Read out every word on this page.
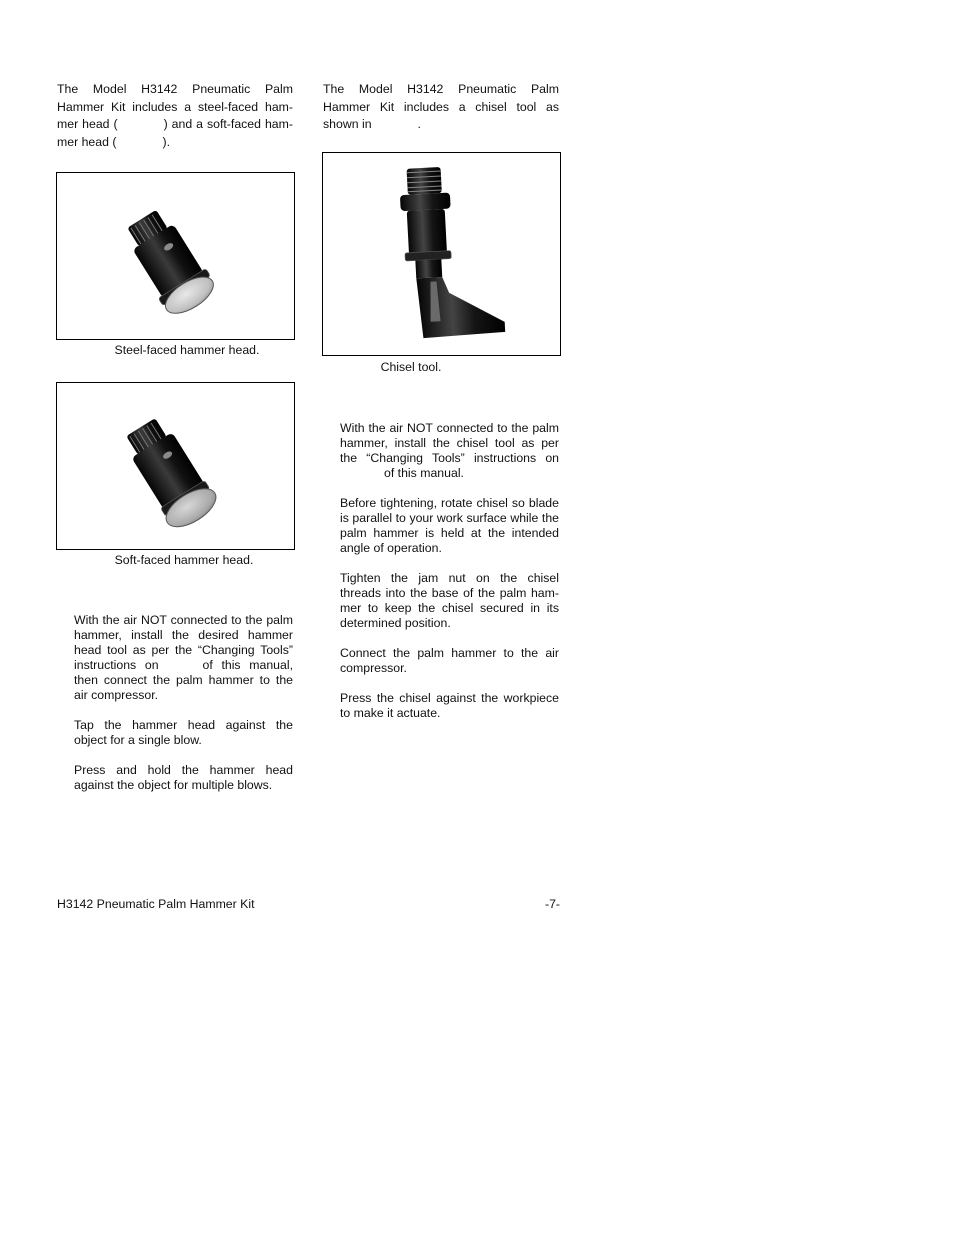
The Model H3142 Pneumatic Palm Hammer Kit includes a steel-faced ham-mer head (	) and a soft-faced ham-mer head (	).

Steel-faced hammer head.

Soft-faced hammer head.

With the air NOT connected to the palm hammer, install the desired hammer head tool as per the “Changing Tools” instructions on	of this manual, then connect the palm hammer to the air compressor.

Tap the hammer head against the object for a single blow.

Press and hold the hammer head against the object for multiple blows.

The Model H3142 Pneumatic Palm Hammer Kit includes a chisel tool as shown in	.

Chisel tool.

With the air NOT connected to the palm hammer, install the chisel tool as per the “Changing Tools” instructions onof this manual.

Before tightening, rotate chisel so blade is parallel to your work surface while the palm hammer is held at the intended angle of operation.

Tighten the jam nut on the chisel threads into the base of the palm ham-mer to keep the chisel secured in its determined position.

Connect the palm hammer to the air compressor.

Press the chisel against the workpiece to make it actuate.

H3142 Pneumatic Palm Hammer Kit	-7-
